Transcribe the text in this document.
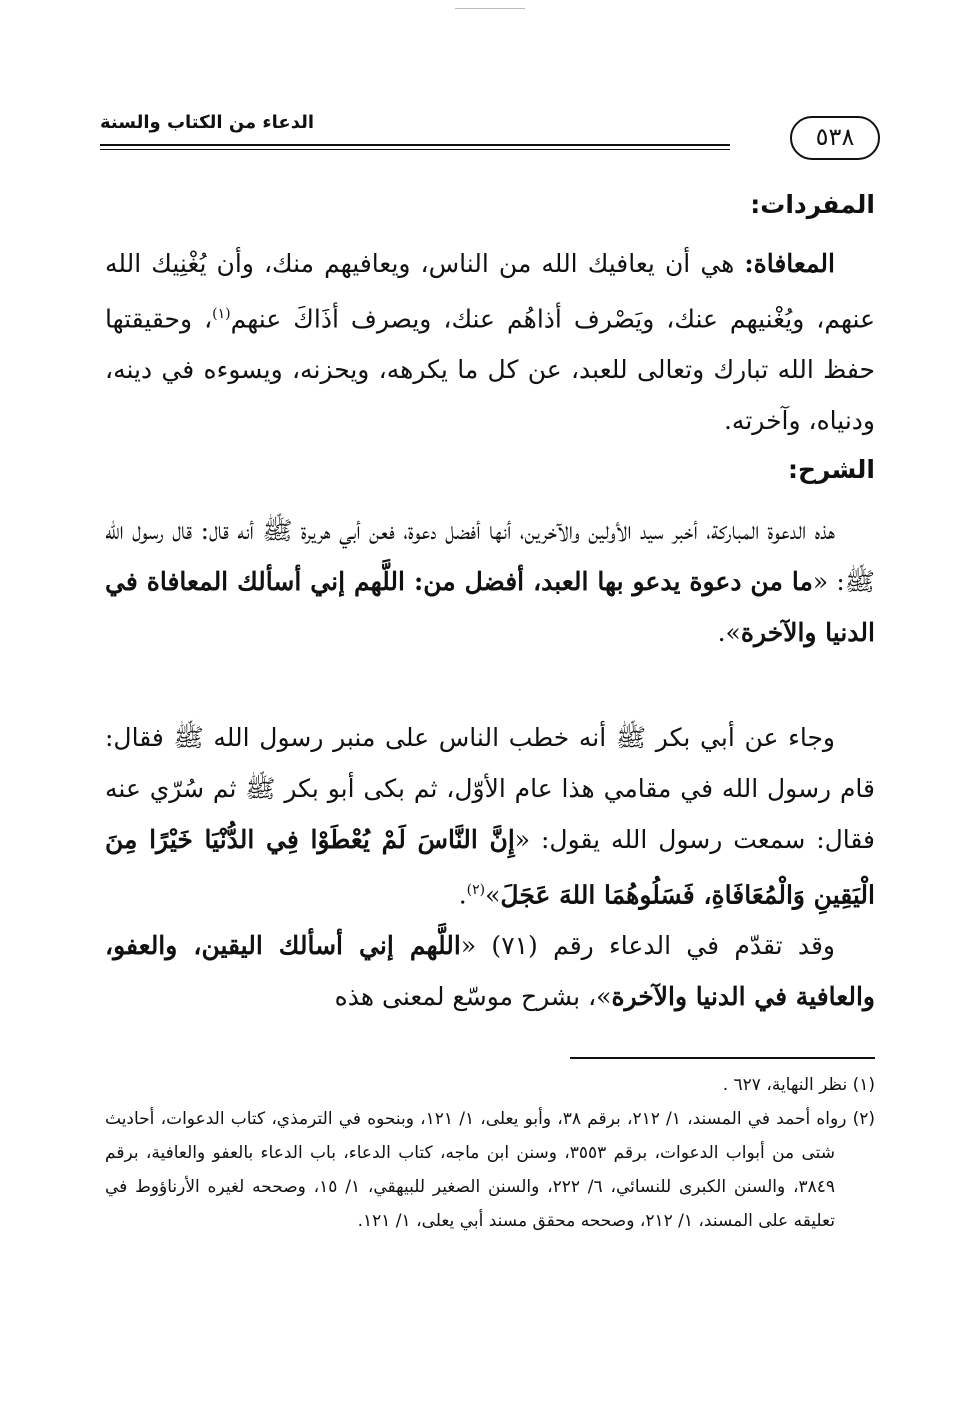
٥٣٨
الدعاء من الكتاب والسنة
المفردات:

المعافاة: هي أن يعافيك الله من الناس، ويعافيهم منك، وأن يُغْنِيك الله عنهم، ويُغْنيهم عنك، ويَصْرف أذاهُم عنك، ويصرف أذَاكَ عنهم$^{(١)}$، وحقيقتها حفظ الله تبارك وتعالى للعبد، عن كل ما يكرهه، ويحزنه، ويسوءه في دينه، ودنياه، وآخرته.

الشرح:

هذه الدعوة المباركة، أخبر سيد الأولين والآخرين، أنها أفضل دعوة، فعن أبي هريرة ﷺ أنه قال: قال رسول الله ﷺ: «ما من دعوة يدعو بها العبد، أفضل من: اللَّهم إني أسألك المعافاة في الدنيا والآخرة».

وجاء عن أبي بكر ﷺ أنه خطب الناس على منبر رسول الله ﷺ فقال: قام رسول الله في مقامي هذا عام الأوّل، ثم بكى أبو بكر ﷺ ثم سُرّي عنه فقال: سمعت رسول الله يقول: «إِنَّ النَّاسَ لَمْ يُعْطَوْا فِي الدُّنْيَا خَيْرًا مِنَ الْيَقِينِ وَالْمُعَافَاةِ، فَسَلُوهُمَا اللهَ عَجَلَ»$^{(٢)}$.

وقد تقدّم في الدعاء رقم (٧١) «اللَّهم إني أسألك اليقين، والعفو، والعافية في الدنيا والآخرة»، بشرح موسّع لمعنى هذه

(١) نظر النهاية، ٦٢٧ .

(٢) رواه أحمد في المسند، ١/ ٢١٢، برقم ٣٨، وأبو يعلى، ١/ ١٢١، وبنحوه في الترمذي، كتاب الدعوات، أحاديث شتى من أبواب الدعوات، برقم ٣٥٥٣، وسنن ابن ماجه، كتاب الدعاء، باب الدعاء بالعفو والعافية، برقم ٣٨٤٩، والسنن الكبرى للنسائي، ٦/ ٢٢٢، والسنن الصغير للبيهقي، ١/ ١٥، وصححه لغيره الأرناؤوط في تعليقه على المسند، ١/ ٢١٢، وصححه محقق مسند أبي يعلى، ١/ ١٢١.
